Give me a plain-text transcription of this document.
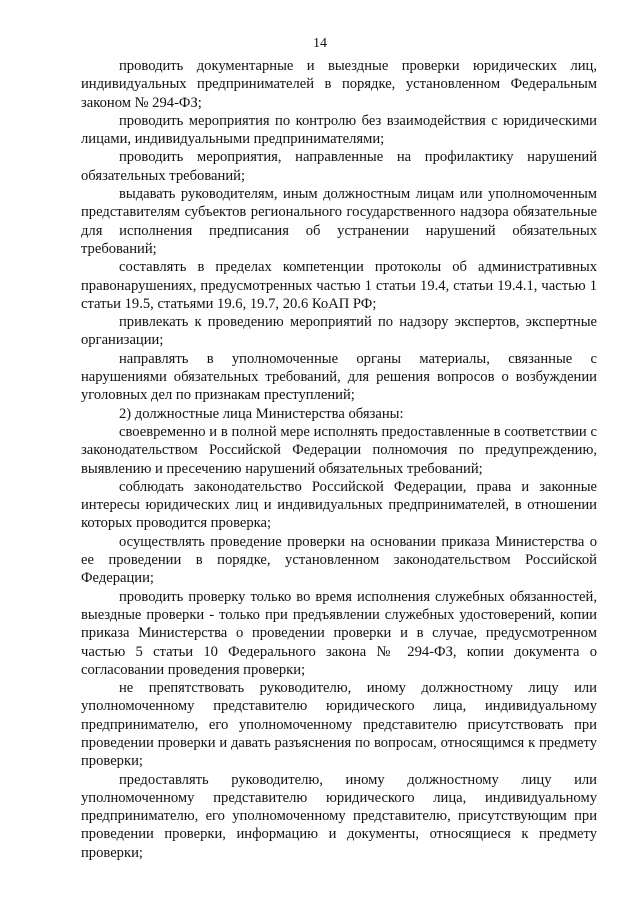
14

проводить документарные и выездные проверки юридических лиц, индивидуальных предпринимателей в порядке, установленном Федеральным законом № 294-ФЗ;

проводить мероприятия по контролю без взаимодействия с юридическими лицами, индивидуальными предпринимателями;

проводить мероприятия, направленные на профилактику нарушений обязательных требований;

выдавать руководителям, иным должностным лицам или уполномоченным представителям субъектов регионального государственного надзора обязательные для исполнения предписания об устранении нарушений обязательных требований;

составлять в пределах компетенции протоколы об административных правонарушениях, предусмотренных частью 1 статьи 19.4, статьи 19.4.1, частью 1 статьи 19.5, статьями 19.6, 19.7, 20.6 КоАП РФ;

привлекать к проведению мероприятий по надзору экспертов, экспертные организации;

направлять в уполномоченные органы материалы, связанные с нарушениями обязательных требований, для решения вопросов о возбуждении уголовных дел по признакам преступлений;

2) должностные лица Министерства обязаны:

своевременно и в полной мере исполнять предоставленные в соответствии с законодательством Российской Федерации полномочия по предупреждению, выявлению и пресечению нарушений обязательных требований;

соблюдать законодательство Российской Федерации, права и законные интересы юридических лиц и индивидуальных предпринимателей, в отношении которых проводится проверка;

осуществлять проведение проверки на основании приказа Министерства о ее проведении в порядке, установленном законодательством Российской Федерации;

проводить проверку только во время исполнения служебных обязанностей, выездные проверки - только при предъявлении служебных удостоверений, копии приказа Министерства о проведении проверки и в случае, предусмотренном частью 5 статьи 10 Федерального закона № 294-ФЗ, копии документа о согласовании проведения проверки;

не препятствовать руководителю, иному должностному лицу или уполномоченному представителю юридического лица, индивидуальному предпринимателю, его уполномоченному представителю присутствовать при проведении проверки и давать разъяснения по вопросам, относящимся к предмету проверки;

предоставлять руководителю, иному должностному лицу или уполномоченному представителю юридического лица, индивидуальному предпринимателю, его уполномоченному представителю, присутствующим при проведении проверки, информацию и документы, относящиеся к предмету проверки;
